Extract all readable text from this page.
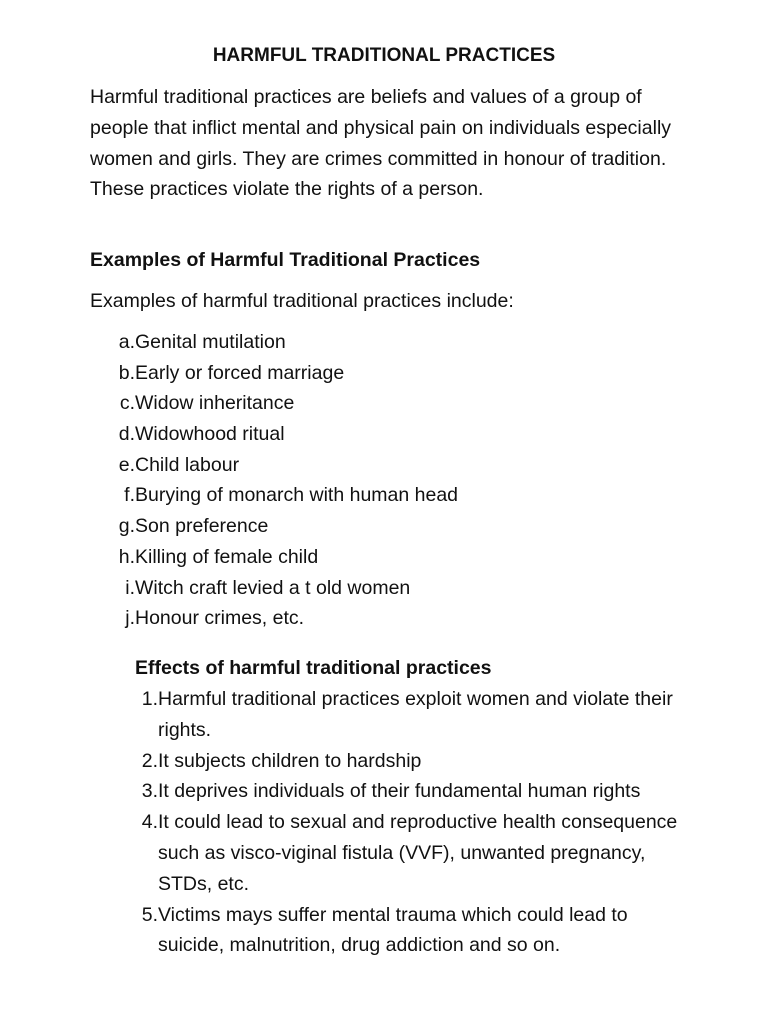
HARMFUL TRADITIONAL PRACTICES

Harmful traditional practices are beliefs and values of a group of people that inflict mental and physical pain on individuals especially women and girls. They are crimes committed in honour of tradition. These practices violate the rights of a person.

Examples of Harmful Traditional Practices

Examples of harmful traditional practices include:

a. Genital mutilation
b. Early or forced marriage
c. Widow inheritance
d. Widowhood ritual
e. Child labour
f. Burying of monarch with human head
g. Son preference
h. Killing of female child
i. Witch craft levied a t old women
j. Honour crimes, etc.
Effects of harmful traditional practices
1. Harmful traditional practices exploit women and violate their rights.
2. It subjects children to hardship
3. It deprives individuals of their fundamental human rights
4. It could lead to sexual and reproductive health consequence such as visco-viginal fistula (VVF), unwanted pregnancy, STDs, etc.
5. Victims mays suffer mental trauma which could lead to suicide, malnutrition, drug addiction and so on.
